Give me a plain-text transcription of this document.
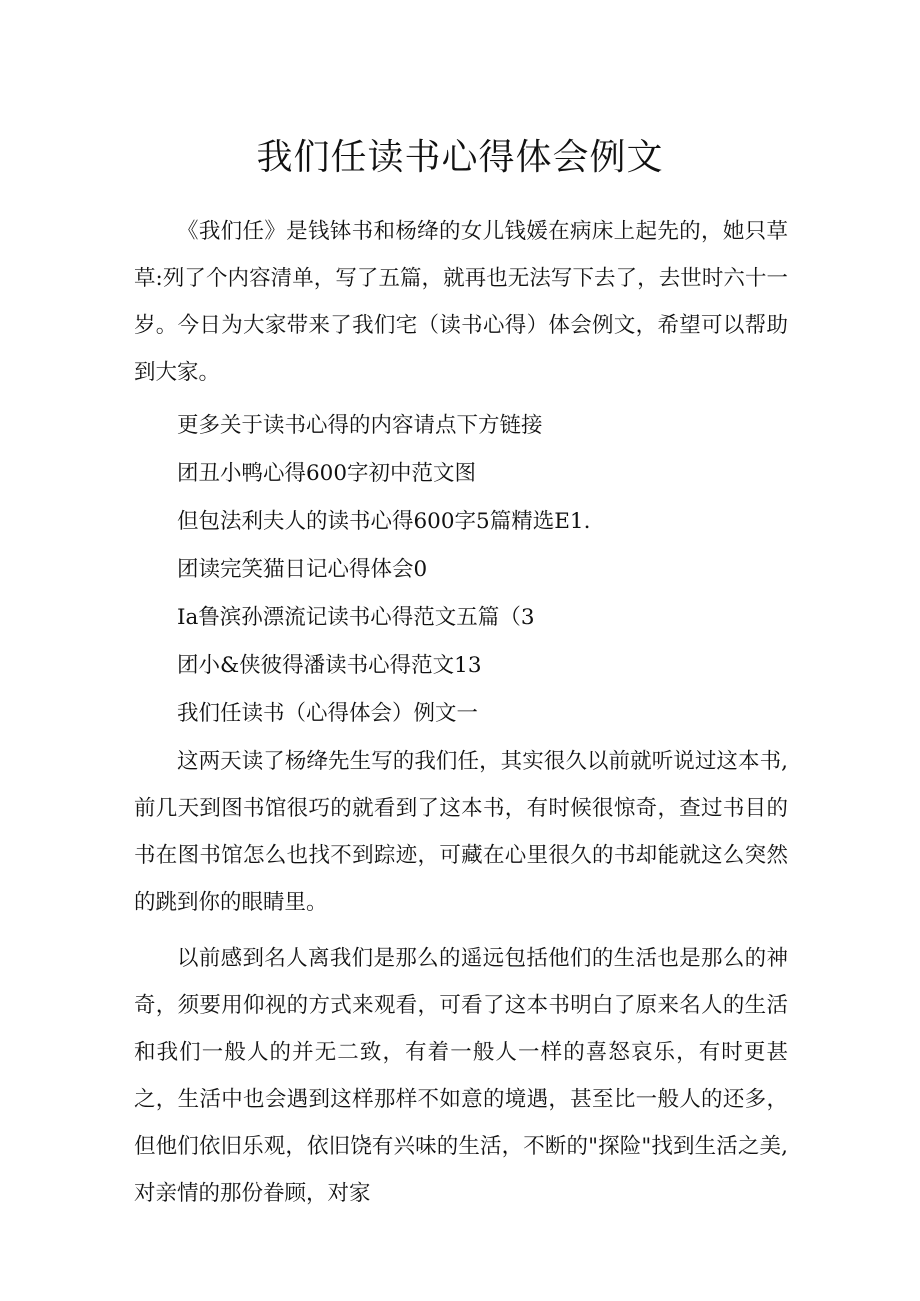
我们任读书心得体会例文

《我们任》是钱钵书和杨绛的女儿钱媛在病床上起先的，她只草草:列了个内容清单，写了五篇，就再也无法写下去了，去世时六十一岁。今日为大家带来了我们宅（读书心得）体会例文，希望可以帮助到大家。

更多关于读书心得的内容请点下方链接

团丑小鸭心得600字初中范文图

但包法利夫人的读书心得600字5篇精选E1.

团读完笑猫日记心得体会0

Ia鲁滨孙漂流记读书心得范文五篇（3

团小&侠彼得潘读书心得范文13

我们任读书（心得体会）例文一

这两天读了杨绛先生写的我们任，其实很久以前就听说过这本书,前几天到图书馆很巧的就看到了这本书，有时候很惊奇，查过书目的书在图书馆怎么也找不到踪迹，可藏在心里很久的书却能就这么突然的跳到你的眼睛里。

以前感到名人离我们是那么的遥远包括他们的生活也是那么的神奇，须要用仰视的方式来观看，可看了这本书明白了原来名人的生活和我们一般人的并无二致，有着一般人一样的喜怒哀乐，有时更甚之，生活中也会遇到这样那样不如意的境遇，甚至比一般人的还多，但他们依旧乐观，依旧饶有兴味的生活，不断的"探险"找到生活之美,对亲情的那份眷顾，对家
